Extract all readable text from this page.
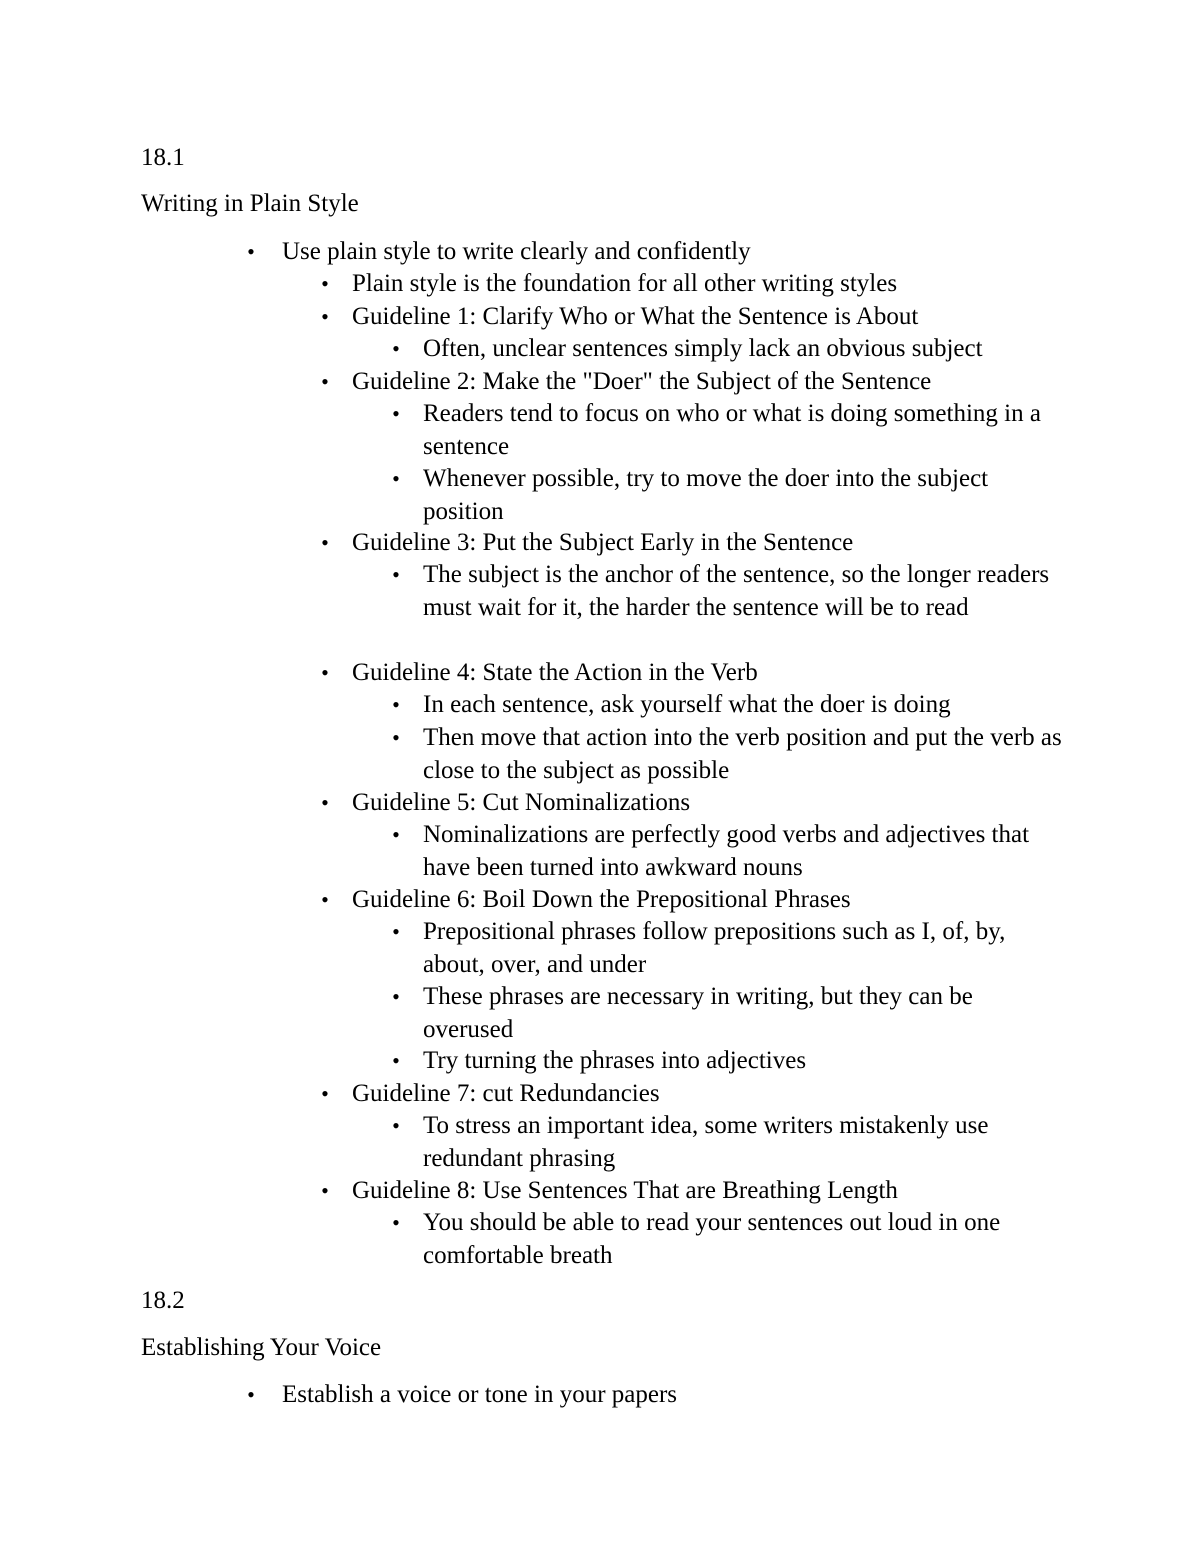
18.1
Writing in Plain Style
• Use plain style to write clearly and confidently
• Plain style is the foundation for all other writing styles
• Guideline 1: Clarify Who or What the Sentence is About
• Often, unclear sentences simply lack an obvious subject
• Guideline 2: Make the "Doer" the Subject of the Sentence
• Readers tend to focus on who or what is doing something in a sentence
• Whenever possible, try to move the doer into the subject position
• Guideline 3: Put the Subject Early in the Sentence
• The subject is the anchor of the sentence, so the longer readers must wait for it, the harder the sentence will be to read
• Guideline 4: State the Action in the Verb
• In each sentence, ask yourself what the doer is doing
• Then move that action into the verb position and put the verb as close to the subject as possible
• Guideline 5: Cut Nominalizations
• Nominalizations are perfectly good verbs and adjectives that have been turned into awkward nouns
• Guideline 6: Boil Down the Prepositional Phrases
• Prepositional phrases follow prepositions such as I, of, by, about, over, and under
• These phrases are necessary in writing, but they can be overused
• Try turning the phrases into adjectives
• Guideline 7: cut Redundancies
• To stress an important idea, some writers mistakenly use redundant phrasing
• Guideline 8: Use Sentences That are Breathing Length
• You should be able to read your sentences out loud in one comfortable breath
18.2
Establishing Your Voice
• Establish a voice or tone in your papers
